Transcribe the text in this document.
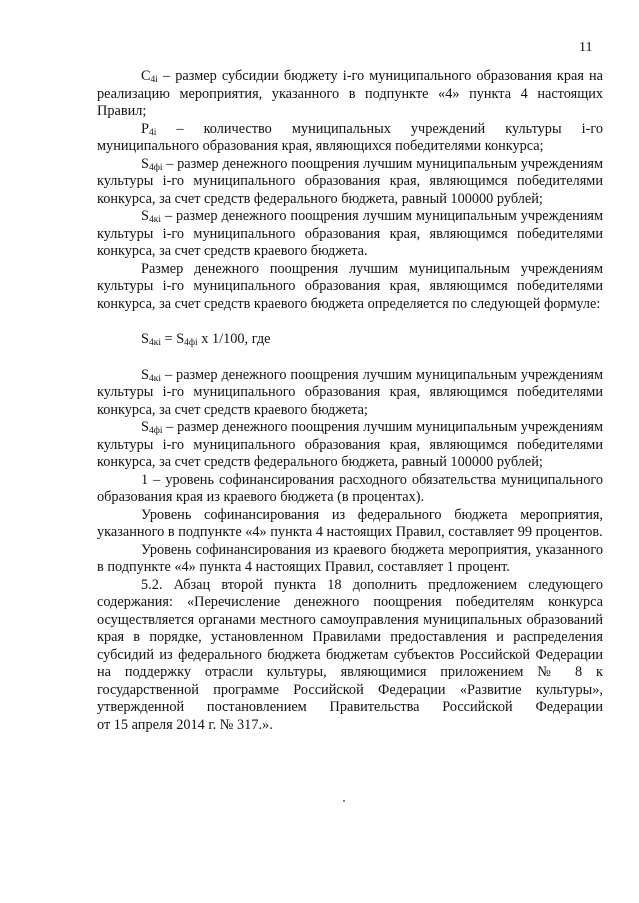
11

$C_{4i}$ – размер субсидии бюджету i-го муниципального образования края на реализацию мероприятия, указанного в подпункте «4» пункта 4 настоящих Правил;

$P_{4i}$ – количество муниципальных учреждений культуры i-го муниципального образования края, являющихся победителями конкурса;

$S_{4фi}$ – размер денежного поощрения лучшим муниципальным учреждениям культуры i-го муниципального образования края, являющимся победителями конкурса, за счет средств федерального бюджета, равный 100000 рублей;

$S_{4кi}$ – размер денежного поощрения лучшим муниципальным учреждениям культуры i-го муниципального образования края, являющимся победителями конкурса, за счет средств краевого бюджета.

Размер денежного поощрения лучшим муниципальным учреждениям культуры i-го муниципального образования края, являющимся победителями конкурса, за счет средств краевого бюджета определяется по следующей формуле:

$S_{4кi} = S_{4фi}$ х 1/100, где

$S_{4кi}$ – размер денежного поощрения лучшим муниципальным учреждениям культуры i-го муниципального образования края, являющимся победителями конкурса, за счет средств краевого бюджета;

$S_{4фi}$ – размер денежного поощрения лучшим муниципальным учреждениям культуры i-го муниципального образования края, являющимся победителями конкурса, за счет средств федерального бюджета, равный 100000 рублей;

1 – уровень софинансирования расходного обязательства муниципального образования края из краевого бюджета (в процентах).

Уровень софинансирования из федерального бюджета мероприятия, указанного в подпункте «4» пункта 4 настоящих Правил, составляет 99 процентов.

Уровень софинансирования из краевого бюджета мероприятия, указанного в подпункте «4» пункта 4 настоящих Правил, составляет 1 процент.

5.2. Абзац второй пункта 18 дополнить предложением следующего содержания: «Перечисление денежного поощрения победителям конкурса осуществляется органами местного самоуправления муниципальных образований края в порядке, установленном Правилами предоставления и распределения субсидий из федерального бюджета бюджетам субъектов Российской Федерации на поддержку отрасли культуры, являющимися приложением № 8 к государственной программе Российской Федерации «Развитие культуры», утвержденной постановлением Правительства Российской Федерации

от 15 апреля 2014 г. № 317.».
